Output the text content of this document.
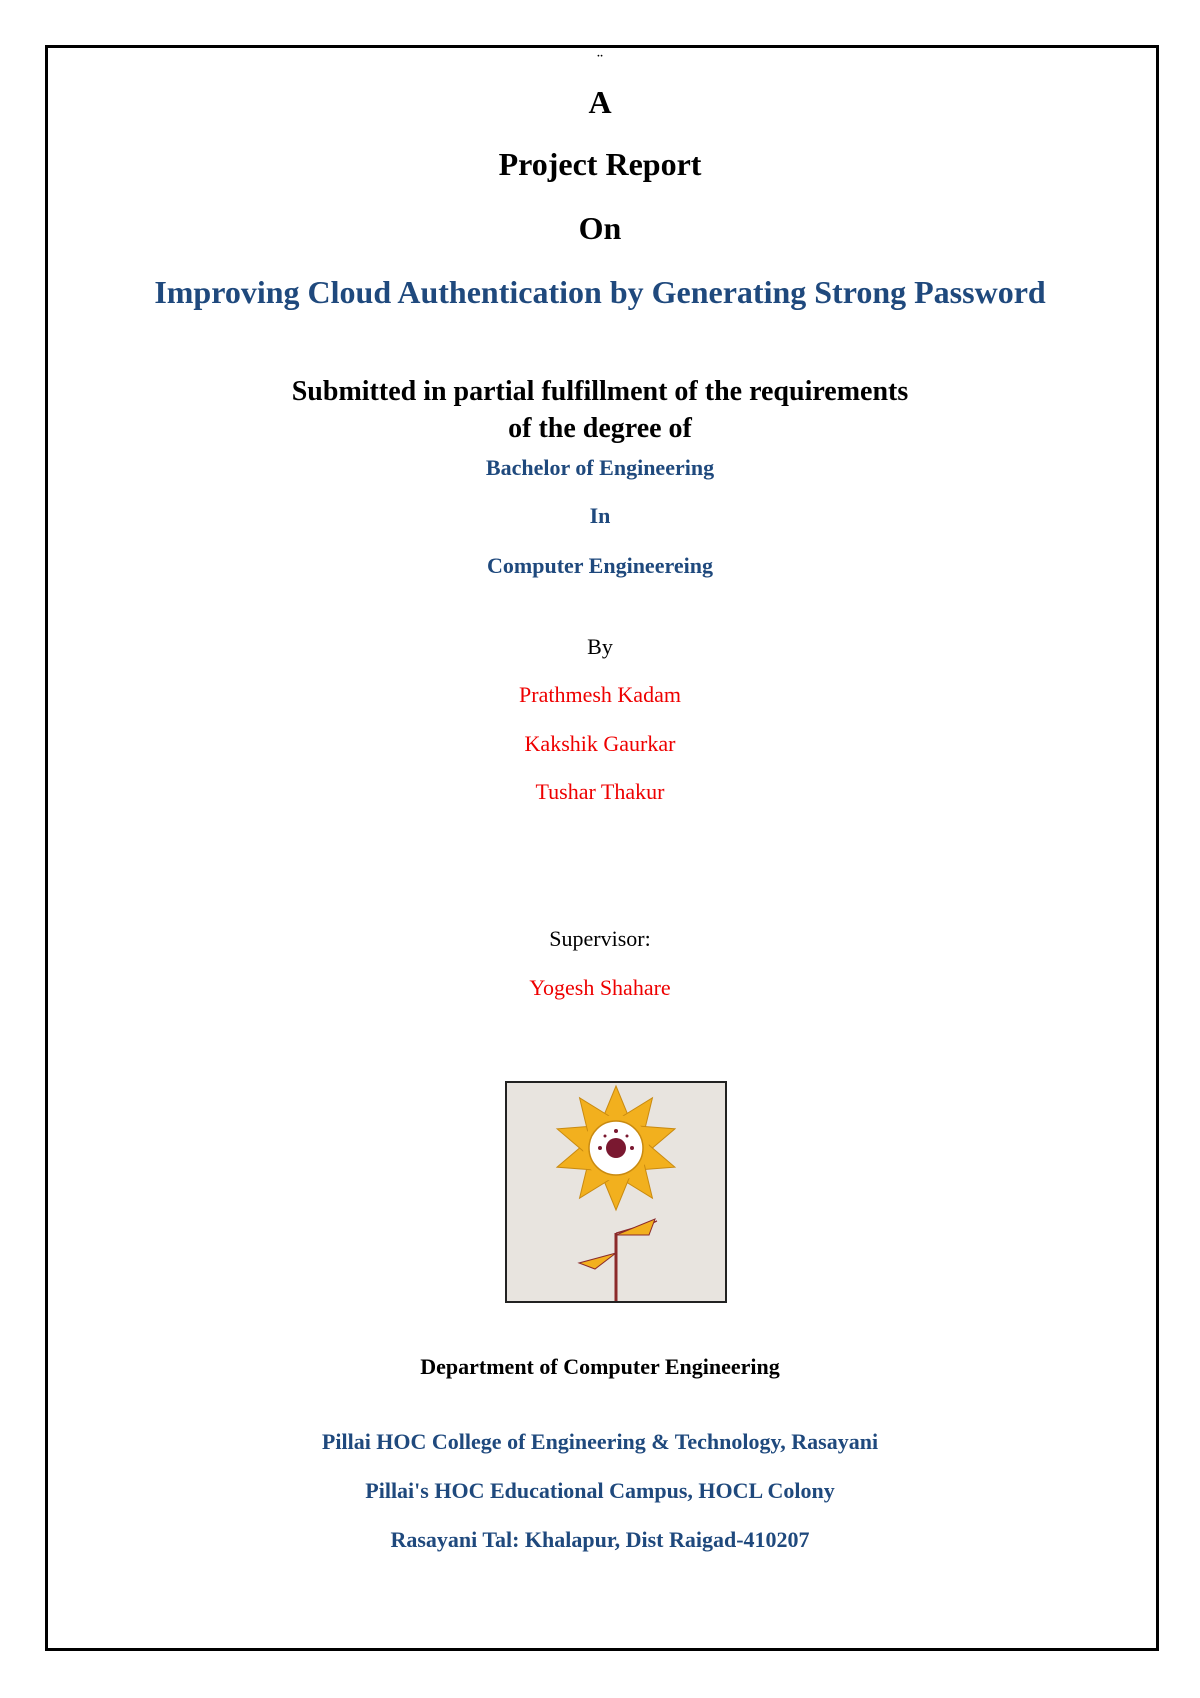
¨
A
Project Report
On
Improving Cloud Authentication by Generating Strong Password
Submitted in partial fulfillment of the requirements
of the degree of
Bachelor of Engineering
In
Computer Engineereing
By
Prathmesh Kadam
Kakshik Gaurkar
Tushar Thakur
Supervisor:
Yogesh Shahare
Department of Computer Engineering
Pillai HOC College of Engineering & Technology, Rasayani
Pillai's HOC Educational Campus, HOCL Colony
Rasayani Tal: Khalapur, Dist Raigad-410207
